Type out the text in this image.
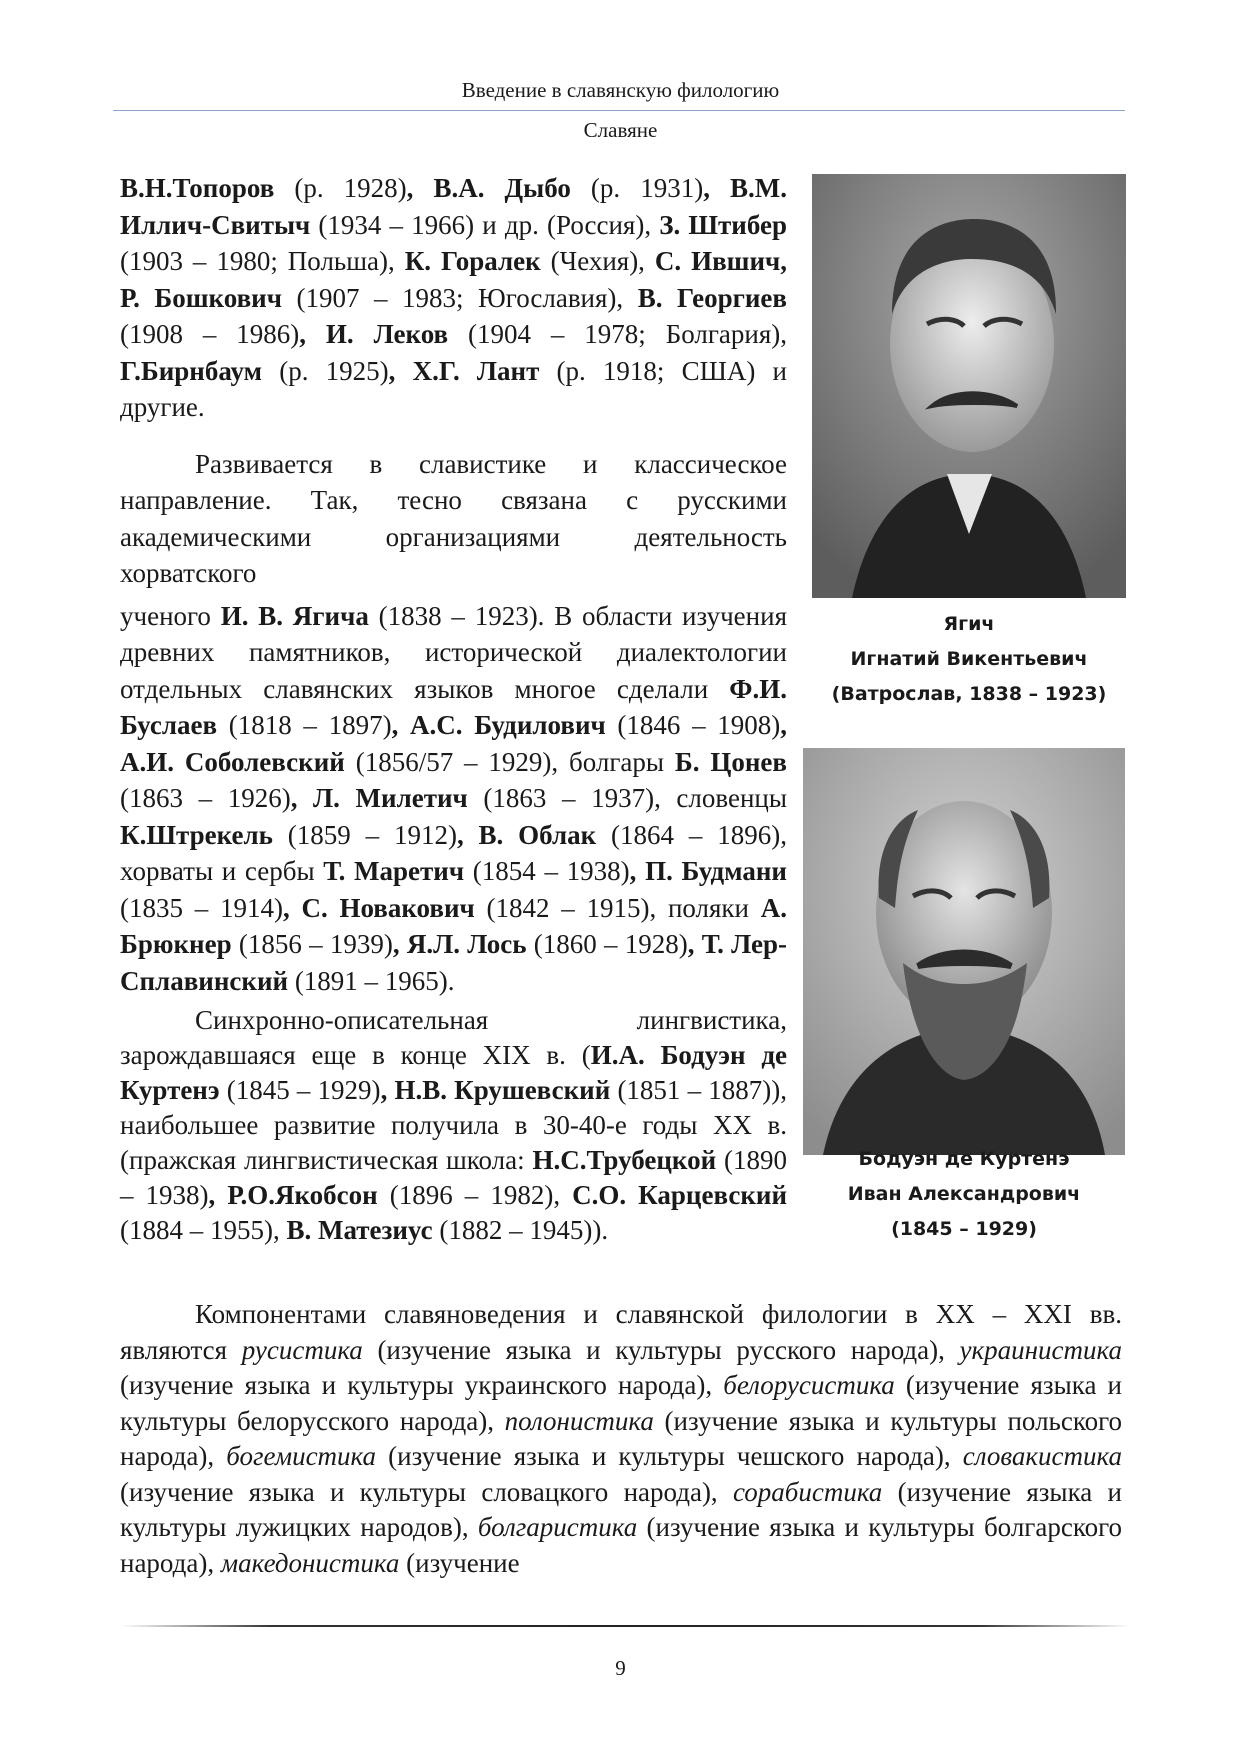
Введение в славянскую филологию
Славяне

В.Н.Топоров (р. 1928), В.А. Дыбо (р. 1931), В.М. Иллич-Свитыч (1934 – 1966) и др. (Россия), З. Штибер (1903 – 1980; Польша), К. Горалек (Чехия), С. Ившич, Р. Бошкович (1907 – 1983; Югославия), В. Георгиев (1908 – 1986), И. Леков (1904 – 1978; Болгария), Г.Бирнбаум (р. 1925), Х.Г. Лант (р. 1918; США) и другие.

Развивается в славистике и классическое направление. Так, тесно связана с русскими академическими организациями деятельность хорватского

ученого И. В. Ягича (1838 – 1923). В области изучения древних памятников, исторической диалектологии отдельных славянских языков многое сделали Ф.И. Буслаев (1818 – 1897), А.С. Будилович (1846 – 1908), А.И. Соболевский (1856/57 – 1929), болгары Б. Цонев (1863 – 1926), Л. Милетич (1863 – 1937), словенцы К.Штрекель (1859 – 1912), В. Облак (1864 – 1896), хорваты и сербы Т. Маретич (1854 – 1938), П. Будмани (1835 – 1914), С. Новакович (1842 – 1915), поляки А. Брюкнер (1856 – 1939), Я.Л. Лось (1860 – 1928), Т. Лер-Сплавинский (1891 – 1965).

Синхронно-описательная лингвистика, зарождавшаяся еще в конце XIX в. (И.А. Бодуэн де Куртенэ (1845 – 1929), Н.В. Крушевский (1851 – 1887)), наибольшее развитие получила в 30-40-е годы XX в. (пражская лингвистическая школа: Н.С.Трубецкой (1890 – 1938), Р.О.Якобсон (1896 – 1982), С.О. Карцевский (1884 – 1955), В. Матезиус (1882 – 1945)).

Компонентами славяноведения и славянской филологии в XX – XXI вв. являются русистика (изучение языка и культуры русского народа), украинистика (изучение языка и культуры украинского народа), белорусистика (изучение языка и культуры белорусского народа), полонистика (изучение языка и культуры польского народа), богемистика (изучение языка и культуры чешского народа), словакистика (изучение языка и культуры словацкого народа), сорабистика (изучение языка и культуры лужицких народов), болгаристика (изучение языка и культуры болгарского народа), македонистика (изучение

Ягич
Игнатий Викентьевич
(Ватрослав, 1838 – 1923)
Бодуэн де Куртенэ
Иван Александрович
(1845 – 1929)
9
